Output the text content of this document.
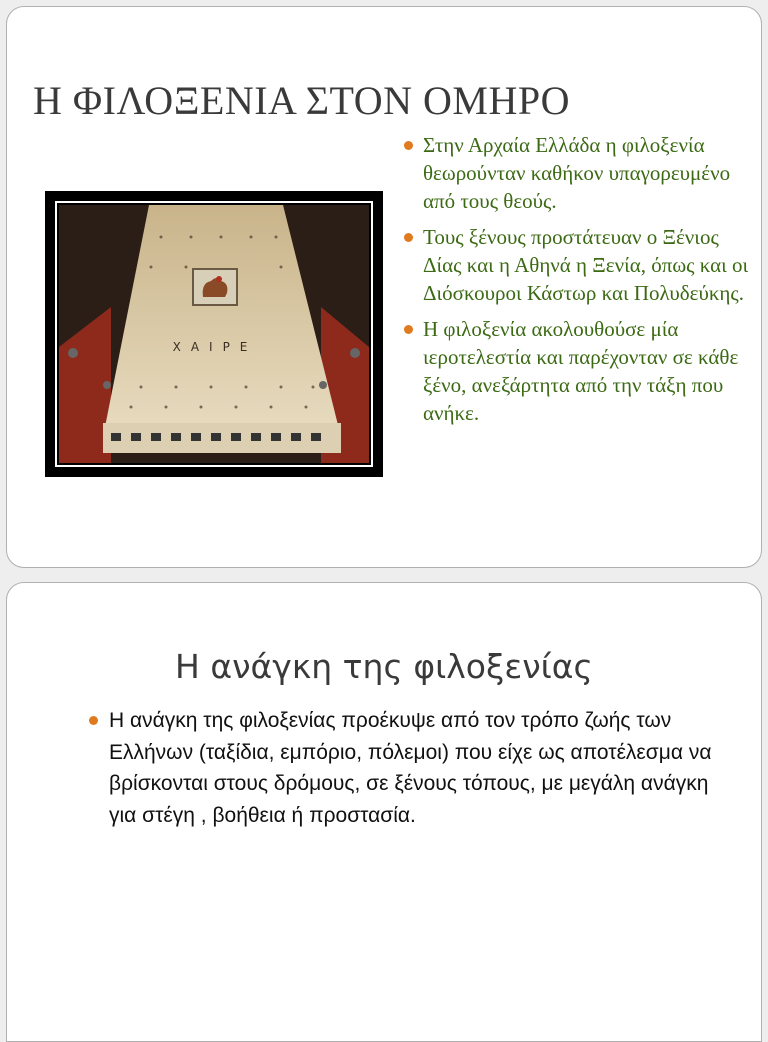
Η ΦΙΛΟΞΕΝΙΑ ΣΤΟΝ ΟΜΗΡΟ
ΧΑΙΡΕ
Στην Αρχαία Ελλάδα η φιλοξενία θεωρούνταν καθήκον υπαγορευμένο από τους θεούς.
Τους ξένους προστάτευαν ο Ξένιος Δίας και η Αθηνά η Ξενία, όπως και οι Διόσκουροι Κάστωρ και Πολυδεύκης.
Η φιλοξενία ακολουθούσε μία ιεροτελεστία και παρέχονταν σε κάθε ξένο, ανεξάρτητα από την τάξη που ανήκε.
Η ανάγκη της φιλοξενίας
Η ανάγκη της φιλοξενίας προέκυψε από τον τρόπο ζωής των Ελλήνων (ταξίδια, εμπόριο, πόλεμοι) που είχε ως αποτέλεσμα να βρίσκονται στους δρόμους, σε ξένους τόπους, με μεγάλη ανάγκη για στέγη , βοήθεια ή προστασία.
